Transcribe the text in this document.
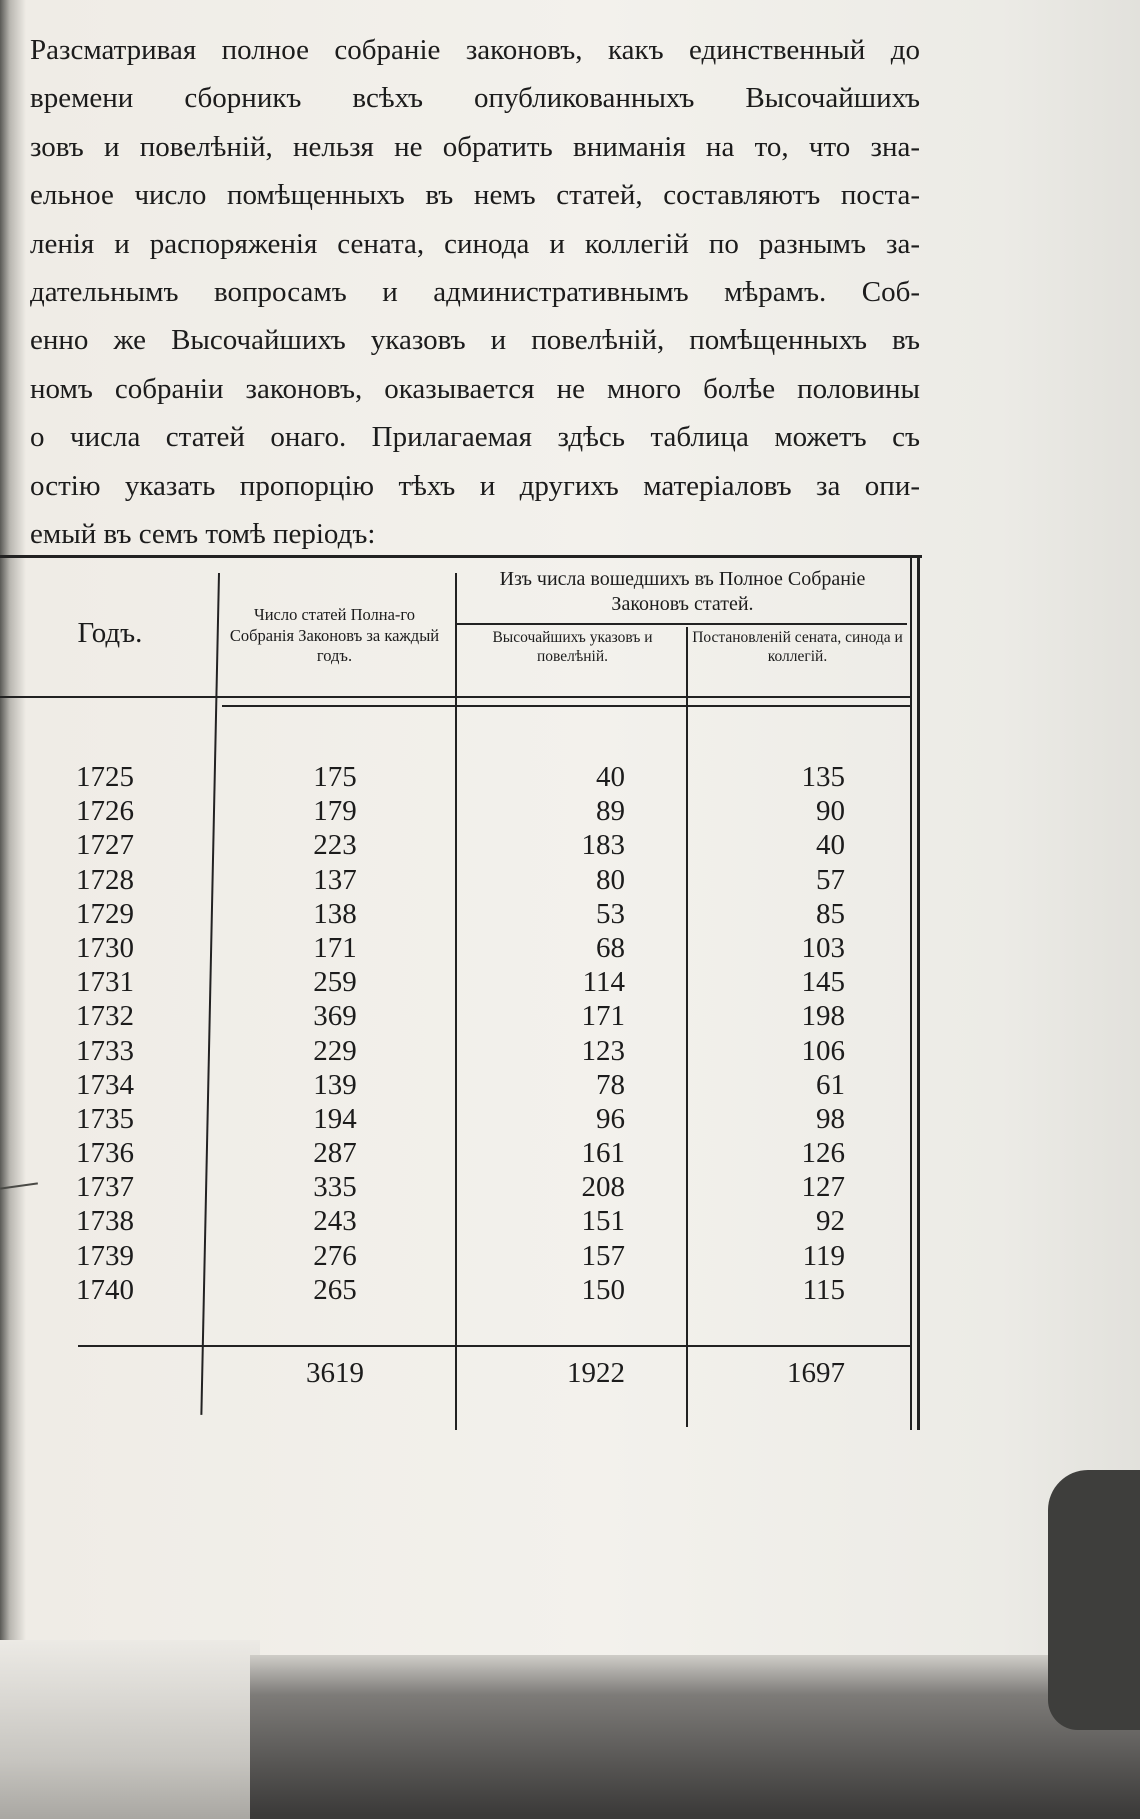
Разсматривая полное собраніе законовъ, какъ единственный до
времени сборникъ всѣхъ опубликованныхъ Высочайшихъ
зовъ и повелѣній, нельзя не обратить вниманія на то, что зна-
ельное число помѣщенныхъ въ немъ статей, составляютъ поста-
ленія и распоряженія сената, синода и коллегій по разнымъ за-
дательнымъ вопросамъ и административнымъ мѣрамъ. Соб-
енно же Высочайшихъ указовъ и повелѣній, помѣщенныхъ въ
номъ собраніи законовъ, оказывается не много болѣе половины
о числа статей онаго. Прилагаемая здѣсь таблица можетъ съ
остію указать пропорцію тѣхъ и другихъ матеріаловъ за опи-
емый въ семъ томѣ періодъ:
Годъ.
Число статей Полна-го Собранія Законовъ за каждый годъ.
Изъ числа вошедшихъ въ Полное Собраніе Законовъ статей.
Высочайшихъ указовъ и повелѣній.
Постановленій сената, синода и коллегій.
1725
1726
1727
1728
1729
1730
1731
1732
1733
1734
1735
1736
1737
1738
1739
1740
175
179
223
137
138
171
259
369
229
139
194
287
335
243
276
265
40
89
183
80
53
68
114
171
123
78
96
161
208
151
157
150
135
90
40
57
85
103
145
198
106
61
98
126
127
92
119
115
3619	1922	1697
